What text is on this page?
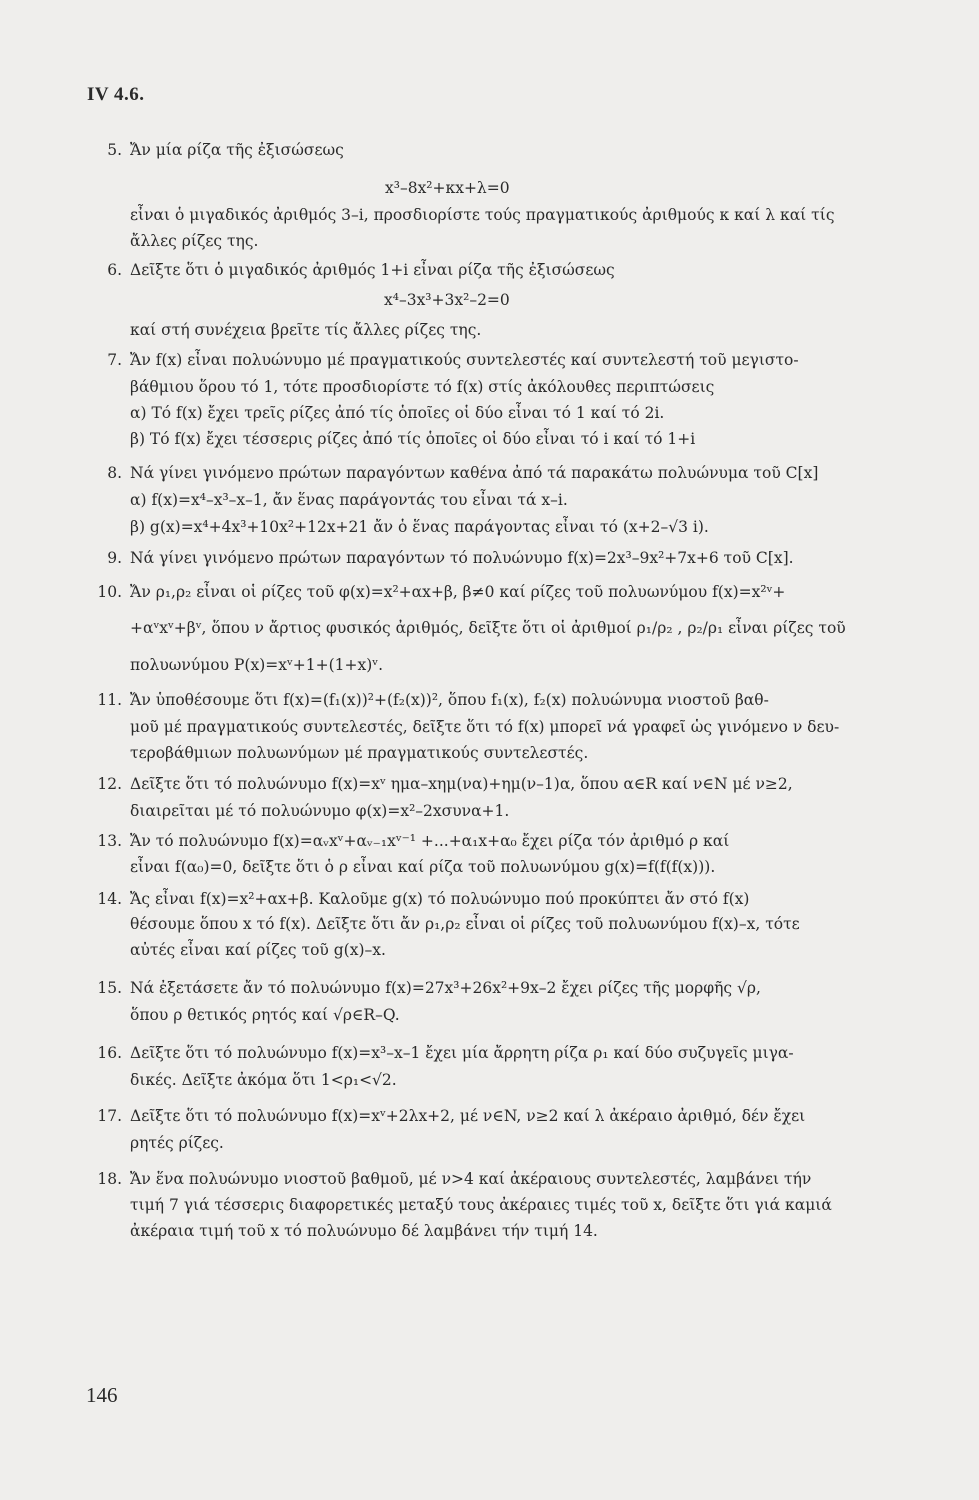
IV 4.6.
5. Ἄν μία ρίζα τῆς ἐξισώσεως
x³–8x²+κx+λ=0
εἶναι ὁ μιγαδικός ἀριθμός 3–i, προσδιορίστε τούς πραγματικούς ἀριθμούς κ καί λ καί τίς
ἄλλες ρίζες της.
6. Δεῖξτε ὅτι ὁ μιγαδικός ἀριθμός 1+i εἶναι ρίζα τῆς ἐξισώσεως
x⁴–3x³+3x²–2=0
καί στή συνέχεια βρεῖτε τίς ἄλλες ρίζες της.
7. Ἄν f(x) εἶναι πολυώνυμο μέ πραγματικούς συντελεστές καί συντελεστή τοῦ μεγιστο-
βάθμιου ὅρου τό 1, τότε προσδιορίστε τό f(x) στίς ἀκόλουθες περιπτώσεις
α) Τό f(x) ἔχει τρεῖς ρίζες ἀπό τίς ὁποῖες οἱ δύο εἶναι τό 1 καί τό 2i.
β) Τό f(x) ἔχει τέσσερις ρίζες ἀπό τίς ὁποῖες οἱ δύο εἶναι τό i καί τό 1+i
8. Νά γίνει γινόμενο πρώτων παραγόντων καθένα ἀπό τά παρακάτω πολυώνυμα τοῦ C[x]
α) f(x)=x⁴–x³–x–1, ἄν ἕνας παράγοντάς του εἶναι τά x–i.
β) g(x)=x⁴+4x³+10x²+12x+21 ἄν ὁ ἕνας παράγοντας εἶναι τό (x+2–√3 i).
9. Νά γίνει γινόμενο πρώτων παραγόντων τό πολυώνυμο f(x)=2x³–9x²+7x+6 τοῦ C[x].
10. Ἄν ρ₁,ρ₂ εἶναι οἱ ρίζες τοῦ φ(x)=x²+αx+β, β≠0 καί ρίζες τοῦ πολυωνύμου f(x)=x²ᵛ+
+αᵛxᵛ+βᵛ, ὅπου ν ἄρτιος φυσικός ἀριθμός, δεῖξτε ὅτι οἱ ἀριθμοί ρ₁/ρ₂ , ρ₂/ρ₁ εἶναι ρίζες τοῦ
πολυωνύμου P(x)=xᵛ+1+(1+x)ᵛ.
11. Ἄν ὑποθέσουμε ὅτι f(x)=(f₁(x))²+(f₂(x))², ὅπου f₁(x), f₂(x) πολυώνυμα νιοστοῦ βαθ-
μοῦ μέ πραγματικούς συντελεστές, δεῖξτε ὅτι τό f(x) μπορεῖ νά γραφεῖ ὡς γινόμενο ν δευ-
τεροβάθμιων πολυωνύμων μέ πραγματικούς συντελεστές.
12. Δεῖξτε ὅτι τό πολυώνυμο f(x)=xᵛ ημα–xημ(να)+ημ(ν–1)α, ὅπου α∈R καί ν∈N μέ ν≥2,
διαιρεῖται μέ τό πολυώνυμο φ(x)=x²–2xσυνα+1.
13. Ἄν τό πολυώνυμο f(x)=αᵥxᵛ+αᵥ₋₁xᵛ⁻¹ +...+α₁x+α₀ ἔχει ρίζα τόν ἀριθμό ρ καί
εἶναι f(α₀)=0, δεῖξτε ὅτι ὁ ρ εἶναι καί ρίζα τοῦ πολυωνύμου g(x)=f(f(f(x))).
14. Ἄς εἶναι f(x)=x²+αx+β. Καλοῦμε g(x) τό πολυώνυμο πού προκύπτει ἄν στό f(x)
θέσουμε ὅπου x τό f(x). Δεῖξτε ὅτι ἄν ρ₁,ρ₂ εἶναι οἱ ρίζες τοῦ πολυωνύμου f(x)–x, τότε
αὐτές εἶναι καί ρίζες τοῦ g(x)–x.
15. Νά ἐξετάσετε ἄν τό πολυώνυμο f(x)=27x³+26x²+9x–2 ἔχει ρίζες τῆς μορφῆς √ρ,
ὅπου ρ θετικός ρητός καί √ρ∈R–Q.
16. Δεῖξτε ὅτι τό πολυώνυμο f(x)=x³–x–1 ἔχει μία ἄρρητη ρίζα ρ₁ καί δύο συζυγεῖς μιγα-
δικές. Δεῖξτε ἀκόμα ὅτι 1<ρ₁<√2.
17. Δεῖξτε ὅτι τό πολυώνυμο f(x)=xᵛ+2λx+2, μέ ν∈N, ν≥2 καί λ ἀκέραιο ἀριθμό, δέν ἔχει
ρητές ρίζες.
18. Ἄν ἕνα πολυώνυμο νιοστοῦ βαθμοῦ, μέ ν>4 καί ἀκέραιους συντελεστές, λαμβάνει τήν
τιμή 7 γιά τέσσερις διαφορετικές μεταξύ τους ἀκέραιες τιμές τοῦ x, δεῖξτε ὅτι γιά καμιά
ἀκέραια τιμή τοῦ x τό πολυώνυμο δέ λαμβάνει τήν τιμή 14.
146
